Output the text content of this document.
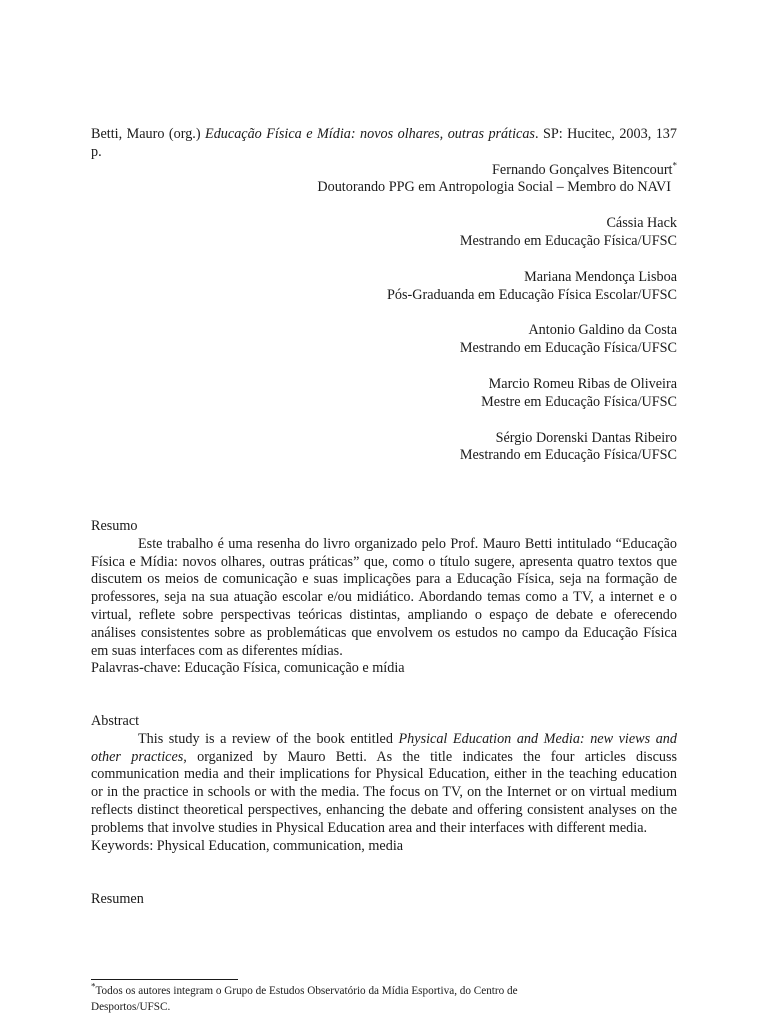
Betti, Mauro (org.) Educação Física e Mídia: novos olhares, outras práticas. SP: Hucitec, 2003, 137 p.

Fernando Gonçalves Bitencourt*
Doutorando PPG em Antropologia Social – Membro do NAVI
Cássia Hack
Mestrando em Educação Física/UFSC
Mariana Mendonça Lisboa
Pós-Graduanda em Educação Física Escolar/UFSC
Antonio Galdino da Costa
Mestrando em Educação Física/UFSC
Marcio Romeu Ribas de Oliveira
Mestre em Educação Física/UFSC
Sérgio Dorenski Dantas Ribeiro
Mestrando em Educação Física/UFSC

Resumo

Este trabalho é uma resenha do livro organizado pelo Prof. Mauro Betti intitulado “Educação Física e Mídia: novos olhares, outras práticas” que, como o título sugere, apresenta quatro textos que discutem os meios de comunicação e suas implicações para a Educação Física, seja na formação de professores, seja na sua atuação escolar e/ou midiático. Abordando temas como a TV, a internet e o virtual, reflete sobre perspectivas teóricas distintas, ampliando o espaço de debate e oferecendo análises consistentes sobre as problemáticas que envolvem os estudos no campo da Educação Física em suas interfaces com as diferentes mídias.

Palavras-chave: Educação Física, comunicação e mídia

Abstract

This study is a review of the book entitled Physical Education and Media: new views and other practices, organized by Mauro Betti. As the title indicates the four articles discuss communication media and their implications for Physical Education, either in the teaching education or in the practice in schools or with the media. The focus on TV, on the Internet or on virtual medium reflects distinct theoretical perspectives, enhancing the debate and offering consistent analyses on the problems that involve studies in Physical Education area and their interfaces with different media.

Keywords: Physical Education, communication, media

Resumen

*Todos os autores integram o Grupo de Estudos Observatório da Mídia Esportiva, do Centro de Desportos/UFSC.
